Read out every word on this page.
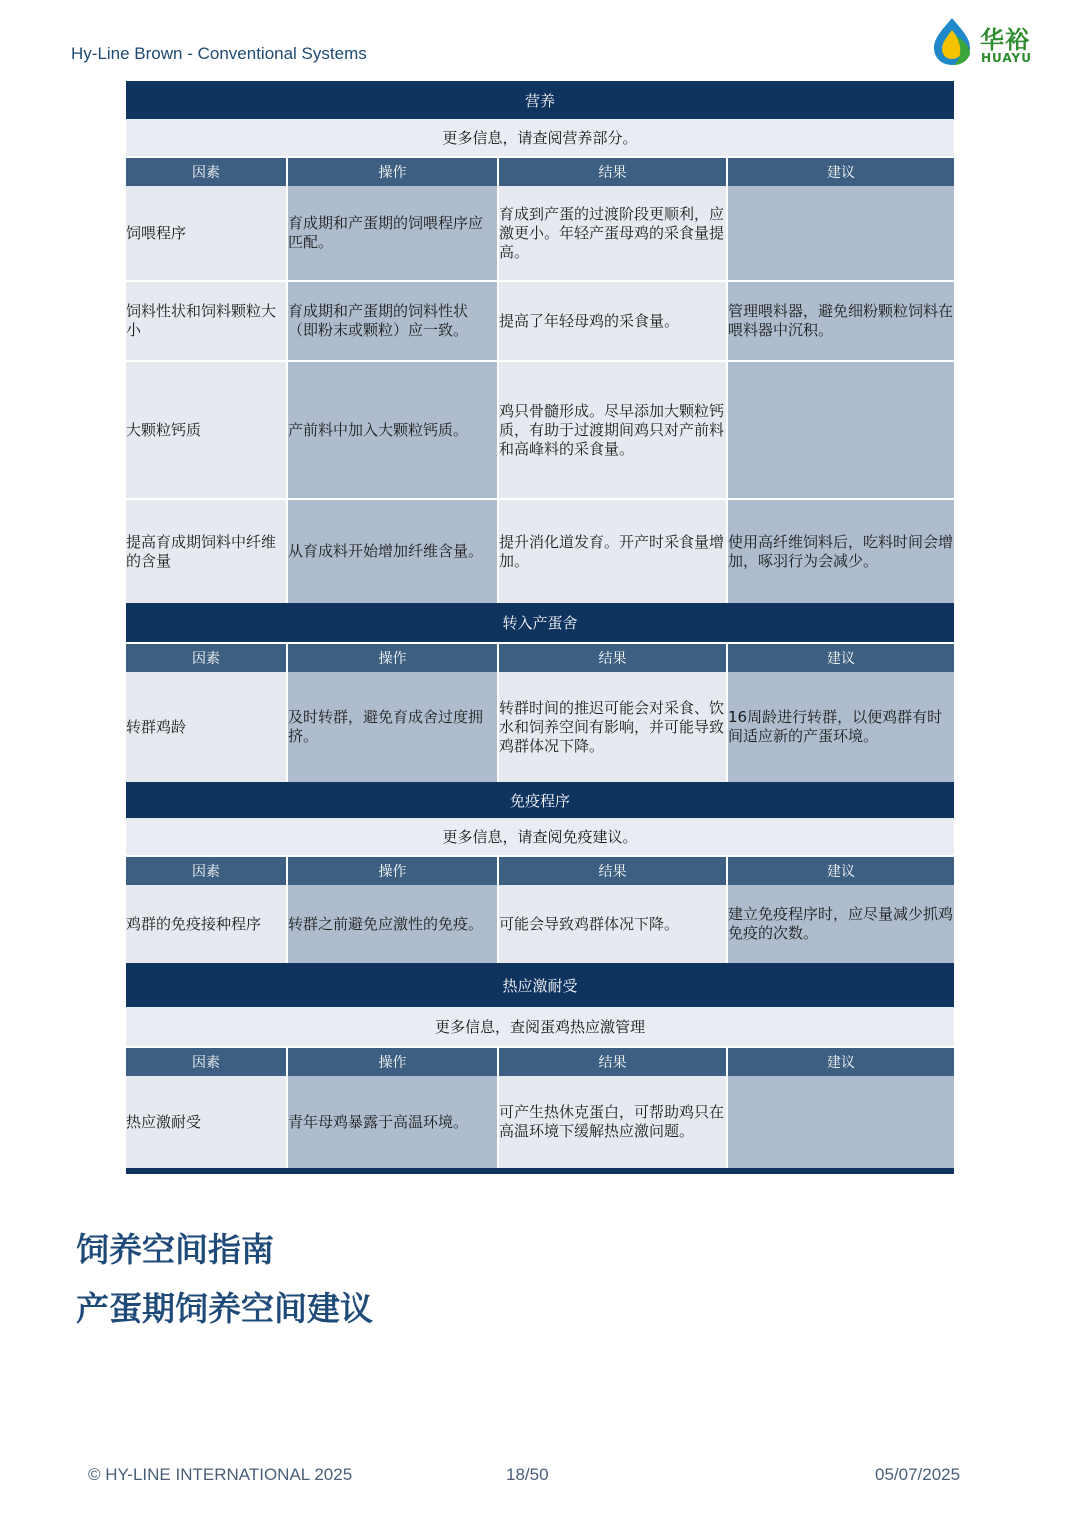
Hy-Line Brown - Conventional Systems	华裕
HUAYU
营养			
更多信息，请查阅营养部分。			
因素	操作	结果	建议
饲喂程序	育成期和产蛋期的饲喂程序应匹配。	育成到产蛋的过渡阶段更顺利，应激更小。年轻产蛋母鸡的采食量提高。	
饲料性状和饲料颗粒大小	育成期和产蛋期的饲料性状（即粉末或颗粒）应一致。	提高了年轻母鸡的采食量。	管理喂料器，避免细粉颗粒饲料在喂料器中沉积。
大颗粒钙质	产前料中加入大颗粒钙质。	鸡只骨髓形成。尽早添加大颗粒钙质，有助于过渡期间鸡只对产前料和高峰料的采食量。	
提高育成期饲料中纤维的含量	从育成料开始增加纤维含量。	提升消化道发育。开产时采食量增加。	使用高纤维饲料后，吃料时间会增加，啄羽行为会减少。
转入产蛋舍			
因素	操作	结果	建议
转群鸡龄	及时转群，避免育成舍过度拥挤。	转群时间的推迟可能会对采食、饮水和饲养空间有影响，并可能导致鸡群体况下降。	16周龄进行转群，以便鸡群有时间适应新的产蛋环境。
免疫程序			
更多信息，请查阅免疫建议。			
因素	操作	结果	建议
鸡群的免疫接种程序	转群之前避免应激性的免疫。	可能会导致鸡群体况下降。	建立免疫程序时，应尽量减少抓鸡免疫的次数。
热应激耐受			
更多信息，查阅蛋鸡热应激管理			
因素	操作	结果	建议
热应激耐受	青年母鸡暴露于高温环境。	可产生热休克蛋白，可帮助鸡只在高温环境下缓解热应激问题。	

饲养空间指南
产蛋期饲养空间建议
© HY-LINE INTERNATIONAL 2025	18/50	05/07/2025
